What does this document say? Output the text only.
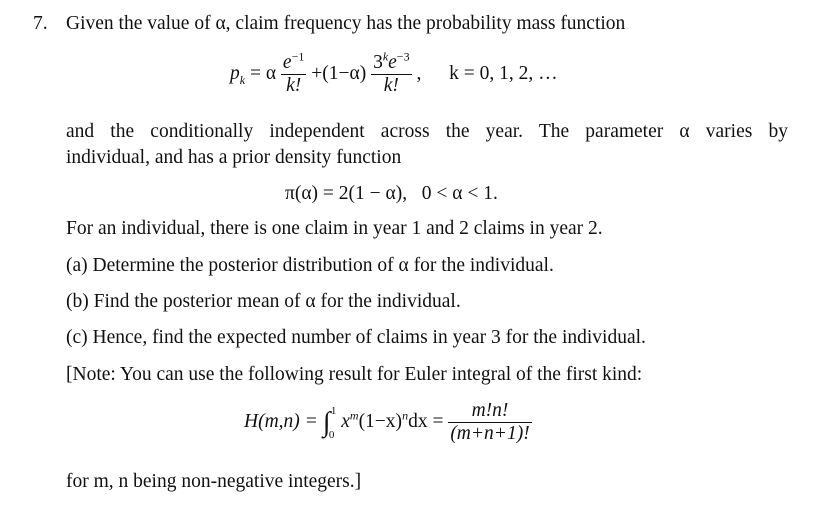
7. Given the value of α, claim frequency has the probability mass function
$p_k = \alpha \frac{e^{-1}}{k!} +(1-\alpha) \frac{3^ke^{-3}}{k!}$ , k = 0, 1, 2, …
and the conditionally independent across the year. The parameter α varies by
individual, and has a prior density function
π(α) = 2(1 − α),   0 < α < 1.
For an individual, there is one claim in year 1 and 2 claims in year 2.
(a) Determine the posterior distribution of α for the individual.
(b) Find the posterior mean of α for the individual.
(c) Hence, find the expected number of claims in year 3 for the individual.
[Note: You can use the following result for Euler integral of the first kind:
H(m,n) = ∫ 1
0
$x^m(1-x)^ndx = \frac{m!n!}{(m+n+1)!}$
for m, n being non-negative integers.]
